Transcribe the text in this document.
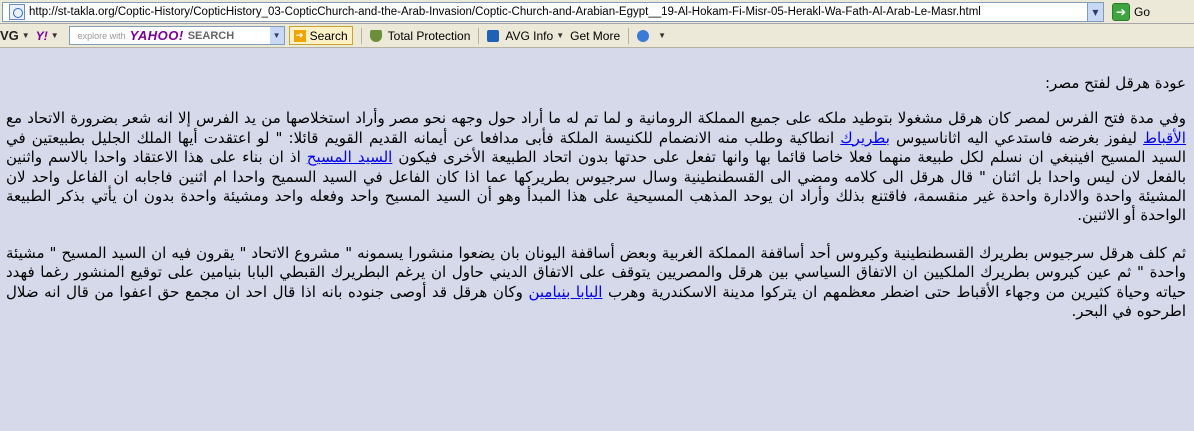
http://st-takla.org/Coptic-History/CopticHistory_03-CopticChurch-and-the-Arab-Invasion/Coptic-Church-and-Arabian-Egypt__19-Al-Hokam-Fi-Misr-05-Herakl-Wa-Fath-Al-Arab-Le-Masr.html	▼	➔ Go
VG ▼ Y! ▼ explore with YAHOO! SEARCH	▼	➔ Search	Total Protection	AVG Info ▼ Get More	▼
عودة هرقل لفتح مصر:
وفي مدة فتح الفرس لمصر كان هرقل مشغولا بتوطيد ملكه على جميع المملكة الرومانية و لما تم له ما أراد حول وجهه نحو مصر وأراد استخلاصها من يد الفرس إلا انه شعر بضرورة الاتحاد مع الأقباط ليفوز بغرضه فاستدعي اليه اثاناسيوس بطريرك انطاكية وطلب منه الانضمام للكنيسة الملكة فأبى مدافعا عن أيمانه القديم القويم قائلا: " لو اعتقدت أيها الملك الجليل بطبيعتين في السيد المسيح افينبغي ان نسلم لكل طبيعة منهما فعلا خاصا قائما بها وانها تفعل على حدتها بدون اتحاد الطبيعة الأخرى فيكون السيد المسيح اذ ان بناء على هذا الاعتقاد واحدا بالاسم واثنين بالفعل لان ليس واحدا بل اثنان " قال هرقل الى كلامه ومضي الى القسطنطينية وسال سرجيوس بطريركها عما اذا كان الفاعل في السيد السميح واحدا ام اثنين فاجابه ان الفاعل واحد لان المشيئة واحدة والادارة واحدة غير منقسمة، فاقتنع بذلك وأراد ان يوحد المذهب المسيحية على هذا المبدأ وهو أن السيد المسيح واحد وفعله واحد ومشيئة واحدة بدون ان يأتي بذكر الطبيعة الواحدة أو الاثنين.
ثم كلف هرقل سرجيوس بطريرك القسطنطينية وكيروس أحد أساقفة المملكة الغربية وبعض أساقفة اليونان بان يضعوا منشورا يسمونه " مشروع الاتحاد " يقرون فيه ان السيد المسيح " مشيئة واحدة " ثم عين كيروس بطريرك الملكيين ان الاتفاق السياسي بين هرقل والمصريين يتوقف على الاتفاق الديني حاول ان يرغم البطريرك القبطي البابا بنيامين على توقيع المنشور رغما فهدد حياته وحياة كثيرين من وجهاء الأقباط حتى اضطر معظمهم ان يتركوا مدينة الاسكندرية وهرب البابا بنيامين وكان هرقل قد أوصى جنوده بانه اذا قال احد ان مجمع حق اعفوا من قال انه ضلال اطرحوه في البحر.
